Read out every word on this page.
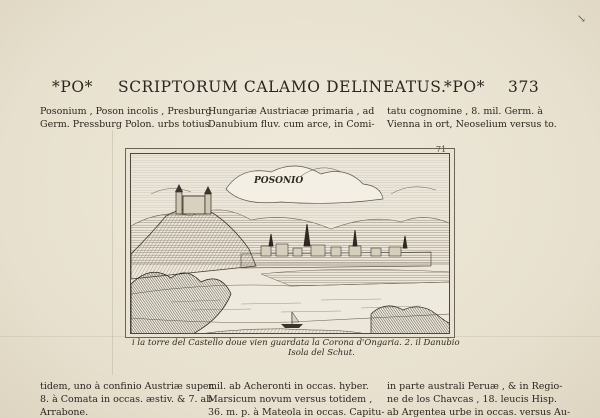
↘
*PO* SCRIPTORUM CALAMO DELINEATUS.
*PO* 373
Posonium , Poson incolis , Presburg
Germ. Pressburg Polon. urbs totius
Hungariæ Austriacæ primaria , ad
Danubium fluv. cum arce, in Comi-
tatu cognomine , 8. mil. Germ. à
Vienna in ort, Neoselium versus to.
71
POSONIO
i la torre del Castello doue vien guardata la Corona d'Ongaria. 2. il Danubio
Isola del Schut.
tidem, uno à confinio Austriæ super.
8. à Comata in occas. æstiv. & 7. ab
Arrabone.
mil. ab Acheronti in occas. hyber.
Marsicum novum versus totidem ,
36. m. p. à Mateola in occas. Capitu-
in parte australi Peruæ , & in Regio-
ne de los Chavcas , 18. leucis Hisp.
ab Argentea urbe in occas. versus Au-
